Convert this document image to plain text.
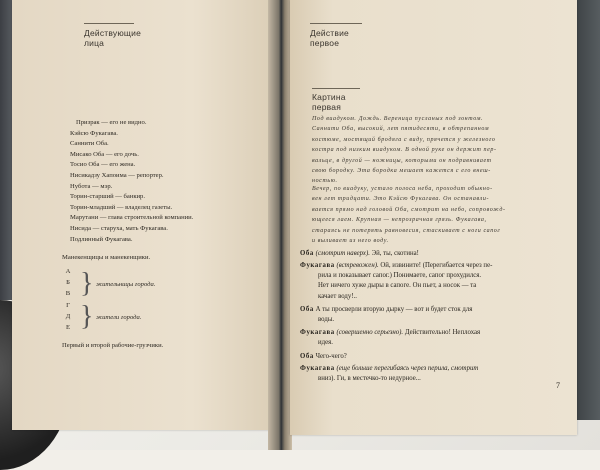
Действующие
лица
Призрак — его не видно.
Кэйсю Фукагава.
Саннити Оба.
Мисако Оба — его дочь.
Тосио Оба — его жена.
Нисикадзу Хапоима — репортер.
Нубота — мэр.
Торин-старший — банкир.
Торин-младший — владелец газеты.
Марутани — глава строительной компании.
Нисида — старуха, мать Фукагава.
Подлинный Фукагава.
Манекенщицы и манекенщики.
А
Б
В } жительницы города.
Г
Д
Е } жители города.
Первый и второй рабочие-грузчики.
Действие
первое
Картина
первая
Под виадуком. Дождь. Вереница пусланых под зонтом.
Саннити Оба, высокий, лет пятидесяти, в обтрепанном
костюме, мостящий бродяга с виду, прячется у железного
костра под низким виадуком. В одной руке он держит пер-
вальце, в другой — ножницы, которыми он подравнивает
свою бородку. Эта бородка мешает кажется с его внеш-
ностью.
Вечер, по виадуку, устало полоса неба, проходит обыкно-
вен лет тридцати. Это Кэйсю Фукагава. Он останавли-
вается прямо над головой Оба, смотрит на небо, сопровожд-
ющееся лаем. Крупная — непрозрачная грязь. Фукагава,
стараясь не потерять равновесия, стаскивает с ноги сапог
и выливает из него воду.
Оба (смотрит наверх). Эй, ты, скотина!
Фукагава (встревожен). Ой, извините! (Перегибается через пе-
рила и показывает сапог.) Понимаете, сапог прохудился.
Нет ничего хуже дыры в сапоге. Он пьет, а носок — та
качает воду!..
Оба А ты просверли вторую дырку — вот и будет сток для
воды.
Фукагава (совершенно серьезно). Действительно! Неплохая
идея.
Оба Чего-чего?
Фукагава (еще больше перегибаясь через перила, смотрит
вниз). Ги, в местечко-то недурное...
7
